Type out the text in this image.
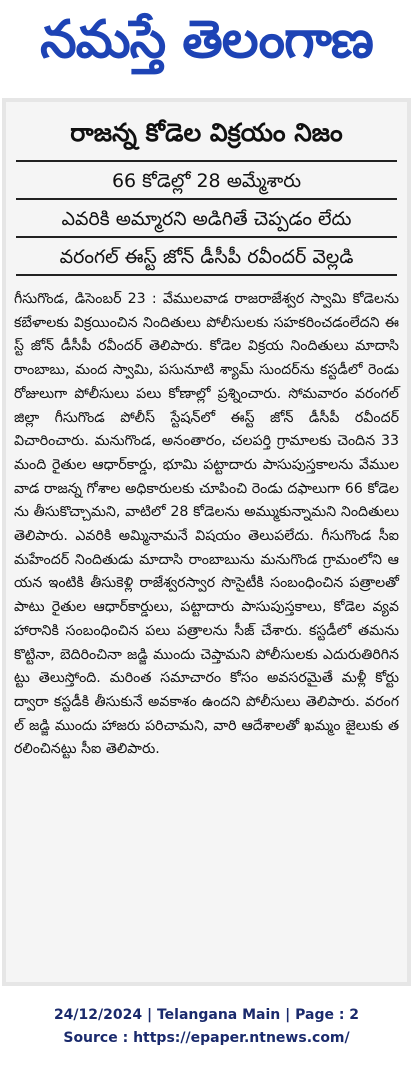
నమస్తే తెలంగాణ
రాజన్న కోడెల విక్రయం నిజం
66 కోడెల్లో 28 అమ్మేశారు
ఎవరికి అమ్మారని అడిగితే చెప్పడం లేదు
వరంగల్ ఈస్ట్ జోన్ డీసీపీ రవీందర్ వెల్లడి
గీసుగొండ, డిసెంబర్ 23 : వేములవాడ రాజరాజేశ్వర స్వామి కోడెలను కబేళాలకు విక్రయించిన నిందితులు పోలీసులకు సహకరించడంలేదని ఈస్ట్ జోన్ డీసీపీ రవీందర్ తెలిపారు. కోడెల విక్రయ నిందితులు మాదాసి రాంబాబు, మంద స్వామి, పసునూటి శ్యామ్ సుందర్‌ను కస్టడీలో రెండు రోజులుగా పోలీసులు పలు కోణాల్లో ప్రశ్నించారు. సోమవారం వరంగల్ జిల్లా గీసుగొండ పోలీస్ స్టేషన్‌లో ఈస్ట్ జోన్ డీసీపీ రవీందర్ విచారించారు. మనుగొండ, అనంతారం, చలపర్తి గ్రామాలకు చెందిన 33 మంది రైతుల ఆధార్‌కార్డు, భూమి పట్టాదారు పాసుపుస్తకాలను వేములవాడ రాజన్న గోశాల అధికారులకు చూపించి రెండు దఫాలుగా 66 కోడెలను తీసుకొచ్చామని, వాటిలో 28 కోడెలను అమ్ముకున్నామని నిందితులు తెలిపారు. ఎవరికి అమ్మినామనే విషయం తెలుపలేదు. గీసుగొండ సీఐ మహేందర్ నిందితుడు మాదాసి రాంబాబును మనుగొండ గ్రామంలోని ఆయన ఇంటికి తీసుకెళ్లి రాజేశ్వరస్వార సొసైటీకి సంబంధించిన పత్రాలతో పాటు రైతుల ఆధార్‌కార్డులు, పట్టాదారు పాసుపుస్తకాలు, కోడెల వ్యవహారానికి సంబంధించిన పలు పత్రాలను సీజ్ చేశారు. కస్టడీలో తమను కొట్టినా, బెదిరించినా జడ్జి ముందు చెప్తామని పోలీసులకు ఎదురుతిరిగినట్టు తెలుస్తోంది. మరింత సమాచారం కోసం అవసరమైతే మళ్లీ కోర్టు ద్వారా కస్టడీకి తీసుకునే అవకాశం ఉందని పోలీసులు తెలిపారు. వరంగల్ జడ్జి ముందు హాజరు పరిచామని, వారి ఆదేశాలతో ఖమ్మం జైలుకు తరలించినట్టు సీఐ తెలిపారు.
24/12/2024 | Telangana Main | Page : 2
Source : https://epaper.ntnews.com/
